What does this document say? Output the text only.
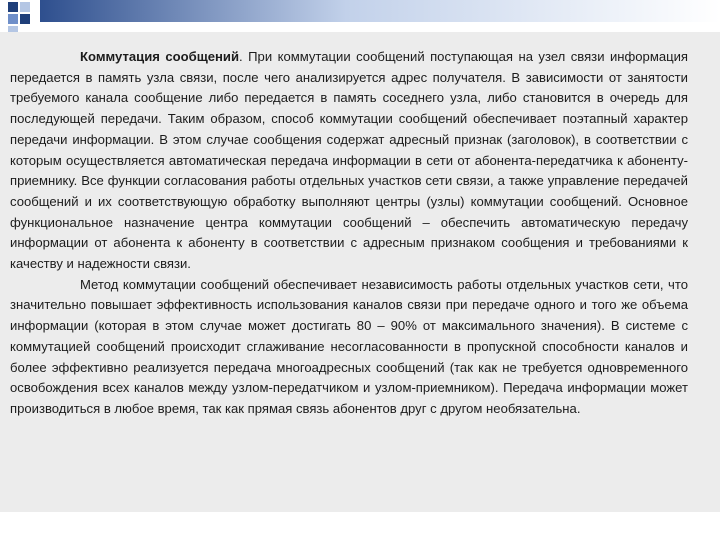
Коммутация сообщений. При коммутации сообщений поступающая на узел связи информация передается в память узла связи, после чего анализируется адрес получателя. В зависимости от занятости требуемого канала сообщение либо передается в память соседнего узла, либо становится в очередь для последующей передачи. Таким образом, способ коммутации сообщений обеспечивает поэтапный характер передачи информации. В этом случае сообщения содержат адресный признак (заголовок), в соответствии с которым осуществляется автоматическая передача информации в сети от абонента-передатчика к абоненту-приемнику. Все функции согласования работы отдельных участков сети связи, а также управление передачей сообщений и их соответствующую обработку выполняют центры (узлы) коммутации сообщений. Основное функциональное назначение центра коммутации сообщений – обеспечить автоматическую передачу информации от абонента к абоненту в соответствии с адресным признаком сообщения и требованиями к качеству и надежности связи.

Метод коммутации сообщений обеспечивает независимость работы отдельных участков сети, что значительно повышает эффективность использования каналов связи при передаче одного и того же объема информации (которая в этом случае может достигать 80 – 90% от максимального значения). В системе с коммутацией сообщений происходит сглаживание несогласованности в пропускной способности каналов и более эффективно реализуется передача многоадресных сообщений (так как не требуется одновременного освобождения всех каналов между узлом-передатчиком и узлом-приемником). Передача информации может производиться в любое время, так как прямая связь абонентов друг с другом необязательна.
